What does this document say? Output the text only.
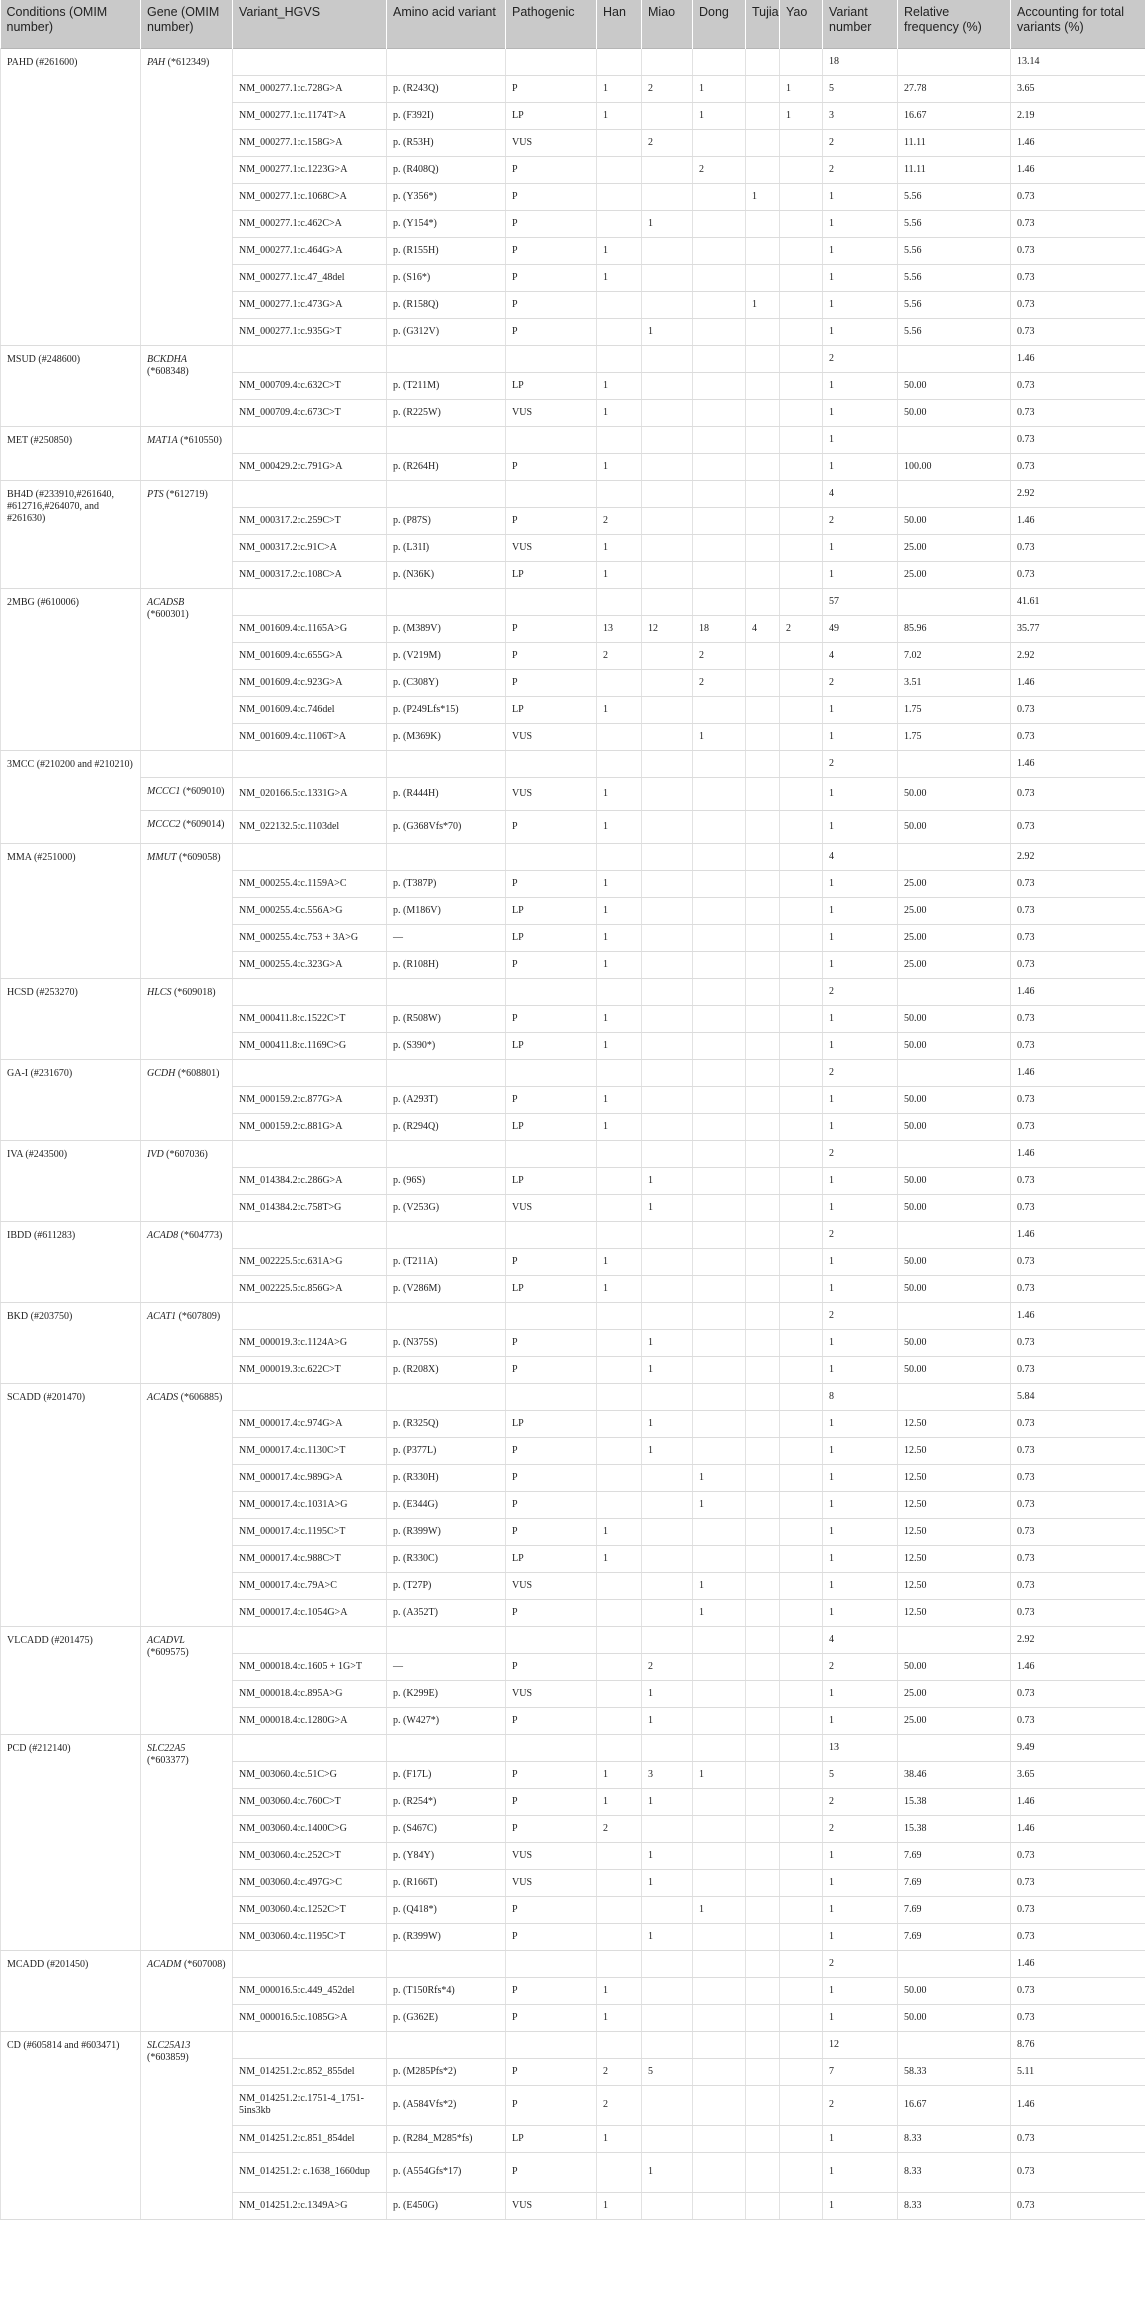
Conditions (OMIM number)	Gene (OMIM number)	Variant_HGVS	Amino acid variant	Pathogenic	Han	Miao	Dong	Tujia	Yao	Variant number	Relative frequency (%)	Accounting for total variants (%)
PAHD (#261600)	PAH (*612349)									18		13.14
		NM_000277.1:c.728G>A	p. (R243Q)	P	1	2	1		1	5	27.78	3.65
		NM_000277.1:c.1174T>A	p. (F392I)	LP	1		1		1	3	16.67	2.19
		NM_000277.1:c.158G>A	p. (R53H)	VUS		2				2	11.11	1.46
		NM_000277.1:c.1223G>A	p. (R408Q)	P			2			2	11.11	1.46
		NM_000277.1:c.1068C>A	p. (Y356*)	P				1		1	5.56	0.73
		NM_000277.1:c.462C>A	p. (Y154*)	P		1				1	5.56	0.73
		NM_000277.1:c.464G>A	p. (R155H)	P	1					1	5.56	0.73
		NM_000277.1:c.47_48del	p. (S16*)	P	1					1	5.56	0.73
		NM_000277.1:c.473G>A	p. (R158Q)	P				1		1	5.56	0.73
		NM_000277.1:c.935G>T	p. (G312V)	P		1				1	5.56	0.73
MSUD (#248600)	BCKDHA (*608348)									2		1.46
		NM_000709.4:c.632C>T	p. (T211M)	LP	1					1	50.00	0.73
		NM_000709.4:c.673C>T	p. (R225W)	VUS	1					1	50.00	0.73
MET (#250850)	MAT1A (*610550)									1		0.73
		NM_000429.2:c.791G>A	p. (R264H)	P	1					1	100.00	0.73
BH4D (#233910,#261640, #612716,#264070, and #261630)	PTS (*612719)									4		2.92
		NM_000317.2:c.259C>T	p. (P87S)	P	2					2	50.00	1.46
		NM_000317.2:c.91C>A	p. (L31I)	VUS	1					1	25.00	0.73
		NM_000317.2:c.108C>A	p. (N36K)	LP	1					1	25.00	0.73
2MBG (#610006)	ACADSB (*600301)									57		41.61
		NM_001609.4:c.1165A>G	p. (M389V)	P	13	12	18	4	2	49	85.96	35.77
		NM_001609.4:c.655G>A	p. (V219M)	P	2		2			4	7.02	2.92
		NM_001609.4:c.923G>A	p. (C308Y)	P			2			2	3.51	1.46
		NM_001609.4:c.746del	p. (P249Lfs*15)	LP	1					1	1.75	0.73
		NM_001609.4:c.1106T>A	p. (M369K)	VUS			1			1	1.75	0.73
3MCC (#210200 and #210210)										2		1.46
	MCCC1 (*609010)	NM_020166.5:c.1331G>A	p. (R444H)	VUS	1					1	50.00	0.73
	MCCC2 (*609014)	NM_022132.5:c.1103del	p. (G368Vfs*70)	P	1					1	50.00	0.73
MMA (#251000)	MMUT (*609058)									4		2.92
		NM_000255.4:c.1159A>C	p. (T387P)	P	1					1	25.00	0.73
		NM_000255.4:c.556A>G	p. (M186V)	LP	1					1	25.00	0.73
		NM_000255.4:c.753 + 3A>G	—	LP	1					1	25.00	0.73
		NM_000255.4:c.323G>A	p. (R108H)	P	1					1	25.00	0.73
HCSD (#253270)	HLCS (*609018)									2		1.46
		NM_000411.8:c.1522C>T	p. (R508W)	P	1					1	50.00	0.73
		NM_000411.8:c.1169C>G	p. (S390*)	LP	1					1	50.00	0.73
GA-I (#231670)	GCDH (*608801)									2		1.46
		NM_000159.2:c.877G>A	p. (A293T)	P	1					1	50.00	0.73
		NM_000159.2:c.881G>A	p. (R294Q)	LP	1					1	50.00	0.73
IVA (#243500)	IVD (*607036)									2		1.46
		NM_014384.2:c.286G>A	p. (96S)	LP		1				1	50.00	0.73
		NM_014384.2:c.758T>G	p. (V253G)	VUS		1				1	50.00	0.73
IBDD (#611283)	ACAD8 (*604773)									2		1.46
		NM_002225.5:c.631A>G	p. (T211A)	P	1					1	50.00	0.73
		NM_002225.5:c.856G>A	p. (V286M)	LP	1					1	50.00	0.73
BKD (#203750)	ACAT1 (*607809)									2		1.46
		NM_000019.3:c.1124A>G	p. (N375S)	P		1				1	50.00	0.73
		NM_000019.3:c.622C>T	p. (R208X)	P		1				1	50.00	0.73
SCADD (#201470)	ACADS (*606885)									8		5.84
		NM_000017.4:c.974G>A	p. (R325Q)	LP		1				1	12.50	0.73
		NM_000017.4:c.1130C>T	p. (P377L)	P		1				1	12.50	0.73
		NM_000017.4:c.989G>A	p. (R330H)	P			1			1	12.50	0.73
		NM_000017.4:c.1031A>G	p. (E344G)	P			1			1	12.50	0.73
		NM_000017.4:c.1195C>T	p. (R399W)	P	1					1	12.50	0.73
		NM_000017.4:c.988C>T	p. (R330C)	LP	1					1	12.50	0.73
		NM_000017.4:c.79A>C	p. (T27P)	VUS			1			1	12.50	0.73
		NM_000017.4:c.1054G>A	p. (A352T)	P			1			1	12.50	0.73
VLCADD (#201475)	ACADVL (*609575)									4		2.92
		NM_000018.4:c.1605 + 1G>T	—	P		2				2	50.00	1.46
		NM_000018.4:c.895A>G	p. (K299E)	VUS		1				1	25.00	0.73
		NM_000018.4:c.1280G>A	p. (W427*)	P		1				1	25.00	0.73
PCD (#212140)	SLC22A5 (*603377)									13		9.49
		NM_003060.4:c.51C>G	p. (F17L)	P	1	3	1			5	38.46	3.65
		NM_003060.4:c.760C>T	p. (R254*)	P	1	1				2	15.38	1.46
		NM_003060.4:c.1400C>G	p. (S467C)	P	2					2	15.38	1.46
		NM_003060.4:c.252C>T	p. (Y84Y)	VUS		1				1	7.69	0.73
		NM_003060.4:c.497G>C	p. (R166T)	VUS		1				1	7.69	0.73
		NM_003060.4:c.1252C>T	p. (Q418*)	P			1			1	7.69	0.73
		NM_003060.4:c.1195C>T	p. (R399W)	P		1				1	7.69	0.73
MCADD (#201450)	ACADM (*607008)									2		1.46
		NM_000016.5:c.449_452del	p. (T150Rfs*4)	P	1					1	50.00	0.73
		NM_000016.5:c.1085G>A	p. (G362E)	P	1					1	50.00	0.73
CD (#605814 and #603471)	SLC25A13 (*603859)									12		8.76
		NM_014251.2:c.852_855del	p. (M285Pfs*2)	P	2	5				7	58.33	5.11
		NM_014251.2:c.1751-4_1751-5ins3kb	p. (A584Vfs*2)	P	2					2	16.67	1.46
		NM_014251.2:c.851_854del	p. (R284_M285*fs)	LP	1					1	8.33	0.73
		NM_014251.2: c.1638_1660dup	p. (A554Gfs*17)	P		1				1	8.33	0.73
		NM_014251.2:c.1349A>G	p. (E450G)	VUS	1					1	8.33	0.73
